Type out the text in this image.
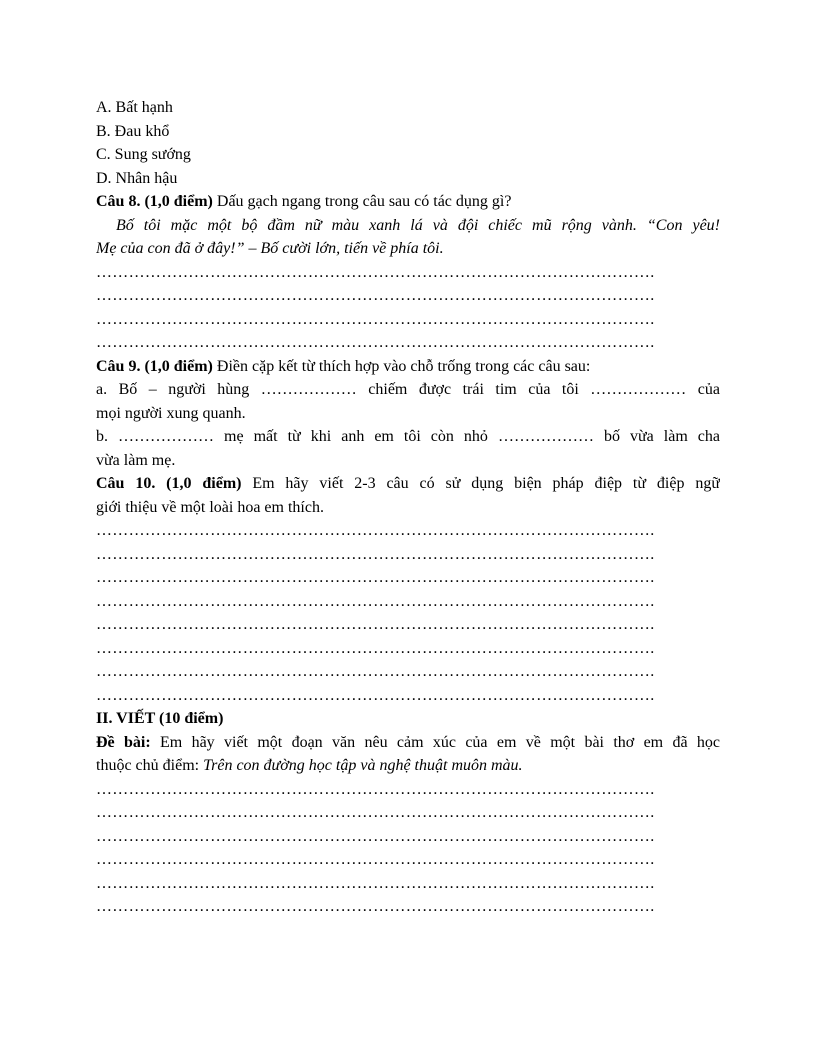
A. Bất hạnh
B. Đau khổ
C. Sung sướng
D. Nhân hậu
Câu 8. (1,0 điểm) Dấu gạch ngang trong câu sau có tác dụng gì?
Bố tôi mặc một bộ đầm nữ màu xanh lá và đội chiếc mũ rộng vành. “Con yêu!
Mẹ của con đã ở đây!” – Bố cười lớn, tiến về phía tôi.
………………………………………………………………………………………….
………………………………………………………………………………………….
………………………………………………………………………………………….
………………………………………………………………………………………….
Câu 9. (1,0 điểm) Điền cặp kết từ thích hợp vào chỗ trống trong các câu sau:
a. Bố – người hùng ……………… chiếm được trái tim của tôi ……………… của
mọi người xung quanh.
b. ……………… mẹ mất từ khi anh em tôi còn nhỏ ……………… bố vừa làm cha
vừa làm mẹ.
Câu 10. (1,0 điểm) Em hãy viết 2-3 câu có sử dụng biện pháp điệp từ điệp ngữ
giới thiệu về một loài hoa em thích.
………………………………………………………………………………………….
………………………………………………………………………………………….
………………………………………………………………………………………….
………………………………………………………………………………………….
………………………………………………………………………………………….
………………………………………………………………………………………….
………………………………………………………………………………………….
………………………………………………………………………………………….
II. VIẾT (10 điểm)
Đề bài: Em hãy viết một đoạn văn nêu cảm xúc của em về một bài thơ em đã học
thuộc chủ điểm: Trên con đường học tập và nghệ thuật muôn màu.
………………………………………………………………………………………….
………………………………………………………………………………………….
………………………………………………………………………………………….
………………………………………………………………………………………….
………………………………………………………………………………………….
………………………………………………………………………………………….
